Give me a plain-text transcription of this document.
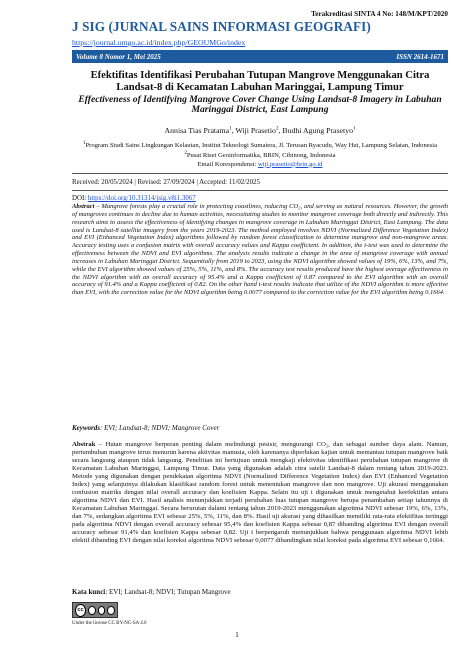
Terakreditasi SINTA 4 No: 148/M/KPT/2020
J SIG (JURNAL SAINS INFORMASI GEOGRAFI)
https://journal.umgo.ac.id/index.php/GEOUMGo/index
Volume 8 Nomor 1, Mei 2025	ISSN 2614-1671
Efektifitas Identifikasi Perubahan Tutupan Mangrove Menggunakan Citra Landsat-8 di Kecamatan Labuhan Maringgai, Lampung Timur
Effectiveness of Identifying Mangrove Cover Change Using Landsat-8 Imagery in Labuhan Maringgai District, East Lampung
Annisa Tias Pratama$^1$, Wiji Prasetio$^2$, Budhi Agung Prasetyo$^1$
$^1$Program Studi Sains Lingkungan Kelautan, Institut Teknologi Sumatera, Jl. Terusan Ryacudu, Way Hui, Lampung Selatan, Indonesia
$^2$Pusat Riset Geoinformatika, BRIN, Cibinong, Indonesia
Email Korespondensi: wiji.prasetio@brin.go.id
Received: 20/05/2024 | Revised: 27/09/2024 | Accepted: 11/02/2025
DOI: https://doi.org/10.31314/jsig.v8i1.3067
Abstract – Mangrove forests play a crucial role in protecting coastlines, reducing CO₂, and serving as natural resources. However, the growth of mangroves continues to decline due to human activities, necessitating studies to monitor mangrove coverage both directly and indirectly. This research aims to assess the effectiveness of identifying changes in mangrove coverage in Labuhan Maringgai District, East Lampung. The data used is Landsat-8 satellite imagery from the years 2019-2023. The method employed involves NDVI (Normalized Difference Vegetation Index) and EVI (Enhanced Vegetation Index) algorithms followed by random forest classification to determine mangrove and non-mangrove areas. Accuracy testing uses a confusion matrix with overall accuracy values and Kappa coefficient. In addition, the t-test was used to determine the effectiveness between the NDVI and EVI algorithms. The analysis results indicate a change in the area of mangrove coverage with annual increases in Labuhan Maringgai District. Sequentially from 2019 to 2023, using the NDVI algorithm showed values of 19%, 6%, 13%, and 7%, while the EVI algorithm showed values of 25%, 5%, 11%, and 8%. The accuracy test results produced have the highest average effectiveness in the NDVI algorithm with an overall accuracy of 95.4% and a Kappa coefficient of 0.87 compared to the EVI algorithm with an overall accuracy of 91.4% and a Kappa coefficient of 0.82. On the other hand t-test results indicate that utilize of the NDVI algorithm is more effective than EVI, with the correction value for the NDVI algorithm being 0.0077 compared to the correction value for the EVI algorithm being 0.1664.
Keywords: EVI; Landsat-8; NDVI; Mangrove Cover
Abstrak – Hutan mangrove berperan penting dalam melindungi pesisir, mengurangi CO₂, dan sebagai sumber daya alam. Namun, pertumbuhan mangrove terus menurun karena aktivitas manusia, oleh karenanya diperlukan kajian untuk memantau tutupan mangrove baik secara langsung ataupun tidak langsung. Penelitian ini bertujuan untuk mengkaji efektivitas identifikasi perubahan tutupan mangrove di Kecamatan Labuhan Maringgai, Lampung Timur. Data yang digunakan adalah citra satelit Landsat-8 dalam rentang tahun 2019-2023. Metode yang digunakan dengan pendekatan algoritma NDVI (Normalized Difference Vegetation Index) dan EVI (Enhanced Vegetation Index) yang selanjutnya dilakukan klasifikasi random forest untuk menentukan mangrove dan non mangrove. Uji akurasi menggunakan confusion matriks dengan nilai overall accuracy dan koefisien Kappa. Selain itu uji t digunakan untuk mengetahui keefektifan antara algoritma NDVI dan EVI. Hasil analisis menunjukkan terjadi perubahan luas tutupan mangrove berupa penambahan setiap tahunnya di Kecamatan Labuhan Maringgai. Secara berurutan dalami rentang tahun 2019-2023 menggunakan algoritma NDVI sebesar 19%, 6%, 13%, dan 7%, sedangkan algoritma EVI sebesar 25%, 5%, 11%, dan 8%. Hasil uji akurasi yang dihasilkan memiliki rata-rata efektifitas tertinggi pada algoritma NDVI dengan overall accuracy sebesar 95,4% dan koefisien Kappa sebesar 0,87 dibanding algoritma EVI dengan overall accuracy sebesar 91,4% dan koefisien Kappa sebesar 0,82. Uji t berpengaruh menunjukkan bahwa penggunaan algoritma NDVI lebih efektif dibanding EVI dengan nilai koreksi algoritma NDVI sebesar 0,0077 dibandingkan nilai koreksi pada algoritma EVI sebesar 0,1664.
Kata kunci: EVI; Landsat-8; NDVI; Tutupan Mangrove
cc
Under the license CC BY-NC-SA 4.0
1
